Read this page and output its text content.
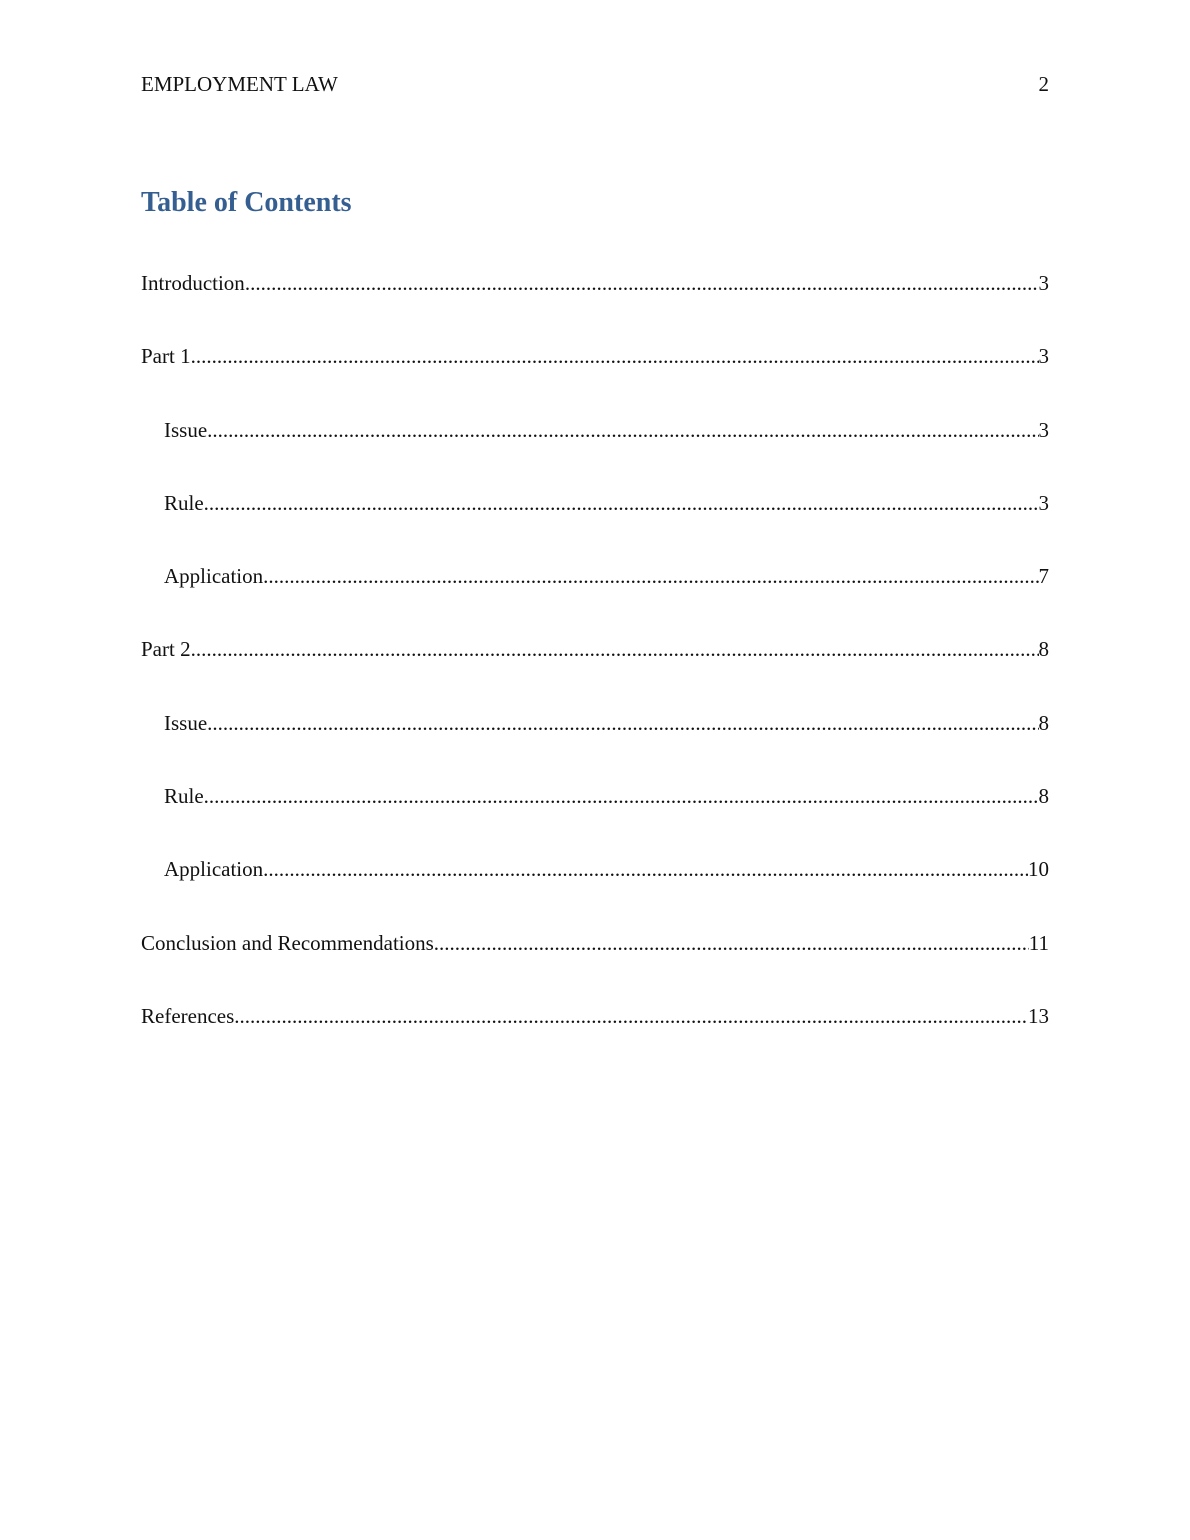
EMPLOYMENT LAW	2
Table of Contents
Introduction .....	3
Part 1 .....	3
Issue .....	3
Rule .....	3
Application .....	7
Part 2 .....	8
Issue .....	8
Rule .....	8
Application .....	10
Conclusion and Recommendations .....	11
References .....	13
